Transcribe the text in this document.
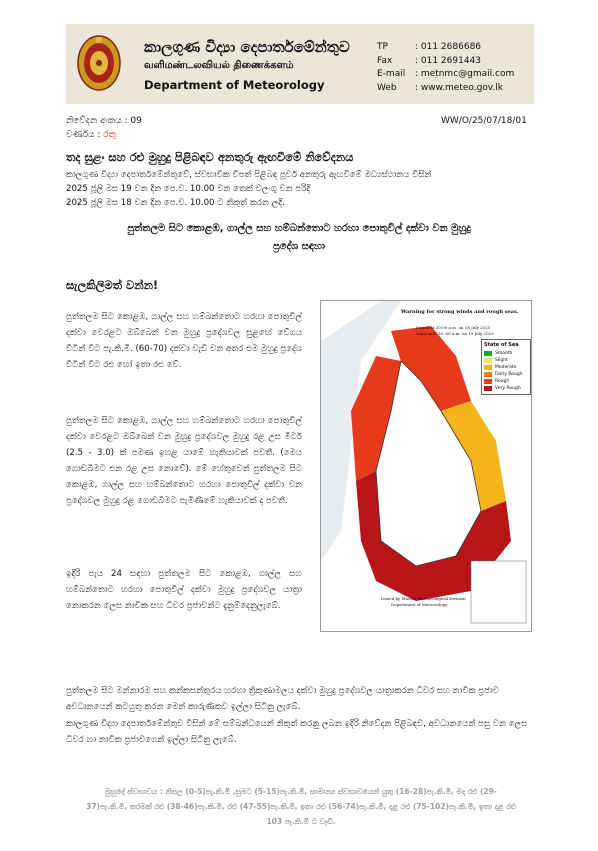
කාලගුණ විද්‍යා දෙපාර්තමේන්තුව
வளிமண்டலவியல் திணைக்களம்
Department of Meteorology
TP	: 011 2686686
Fax	: 011 2691443
E-mail	: metnmc@gmail.com
Web	: www.meteo.gov.lk
නිවේදන අංකය : 09	WW/O/25/07/18/01
වර්ණය : රතු
තද සුළං සහ රළු මුහුදු පිළිබඳව අනතුරු ඇඟවීමේ නිවේදනය
කාලගුණ විද්‍යා දෙපාර්තමේන්තුවේ, ස්වභාවික විපත් පිළිබඳ පූර්ව අනතුරු ඇඟවීමේ මධ්‍යස්ථානය විසින්
2025 ජූලි මස 19 වන දින පෙ.ව. 10.00 වන තෙක් වලංගු වන පරිදි
2025 ජූලි මස 18 වන දින පෙ.ව. 10.00 ට නිකුත් කරන ලදි.
පුත්තලම සිට කොළඹ, ගාල්ල සහ හම්බන්තොට හරහා පොතුවිල් දක්වා වන මුහුදු
ප්‍රදේශ සඳහා
සැලකිලිමත් වන්න!
පුත්තලම සිට කොළඹ, ගාල්ල සහ හම්බන්තොට හරහා පොතුවිල් දක්වා වෙරළට ඔබ්බෙන් වන මුහුදු ප්‍රදේශවල සුළඟේ වේගය විටින් විට පැ.කි.මී. (60-70) දක්වා වැඩි වන අතර එම මුහුදු ප්‍රදේශ විටින් විට රළු හෝ ඉතා රළු වේ.
පුත්තලම සිට කොළඹ, ගාල්ල සහ හම්බන්තොට හරහා පොතුවිල් දක්වා වෙරළට ඔබ්බෙන් වන මුහුදු ප්‍රදේශවල මුහුදු රළ උස මීටර් (2.5 - 3.0) ක් පමණ ඉහළ යාමේ හැකියාවක් පවතී. (මෙය ගොඩබිමට එන රළ උස නොවේ). මේ හේතුවෙන් පුත්තලම සිට කොළඹ, ගාල්ල සහ හම්බන්තොට හරහා පොතුවිල් දක්වා වන ප්‍රදේශවල මුහුදු රළ ගොඩබිමට පැමිණීමේ හැකියාවක් ද පවතී.
ඉදිරි පැය 24 සඳහා පුත්තලම සිට කොළඹ, ගාල්ල සහ හම්බන්තොට හරහා පොතුවිල් දක්වා මුහුදු ප්‍රදේශවල යාත්‍රා නොකරන ලෙස නාවික සහ ධීවර ප්‍රජාවන්ට දැනුම්දෙනුලැබේ.
Warning for strong winds and rough seas.
Issued at 10:00 a.m. on 18 July 2025
Valid until 10 :00 a.m. on 19 July 2025
Issued by Marine Meteorological Division
Department of Meteorology
State of Sea
Smooth
Slight
Moderate
Fairly Rough
Rough
Very Rough
පුත්තලම සිට මන්නාරම සහ කන්කසන්තුරය හරහා ත්‍රිකුණාමලය දක්වා මුහුදු ප්‍රදේශවල යාත්‍රාකරන ධීවර සහ නාවික ප්‍රජාව අවධානයෙන් කටයුතු කරන මෙන් කාරුණිකව ඉල්ලා සිටිනු ලැබේ.
කාලගුණ විද්‍යා දෙපාර්තමේන්තුව විසින් මේ සම්බන්ධයෙන් නිකුත් කරනු ලබන ඉදිරි නිවේදන පිළිබඳව, අවධානයෙන් පසු වන ලෙස ධීවර හා නාවික ප්‍රජාවගෙන් ඉල්ලා සිටිනු ලැබේ.
මුහුදේ ස්වභාවය : නිසල (0-5)පැ.කි.මී ,සුමට (5-15)පැ.කි.මී, සාමාන්‍ය ස්වභාවයෙන් යුතු (16-28)පැ.කි.මී, මද රළු (29-37)පැ.කි.මී, තරමක් රළු (38-46)පැ.කි.මී, රළු (47-55)පැ.කි.මී, ඉතා රළු (56-74)පැ.කි.මී, දළ රළු (75-102)පැ.කි.මී, ඉතා දළ රළු 103 පැ.කි.මී ට වැඩි.
